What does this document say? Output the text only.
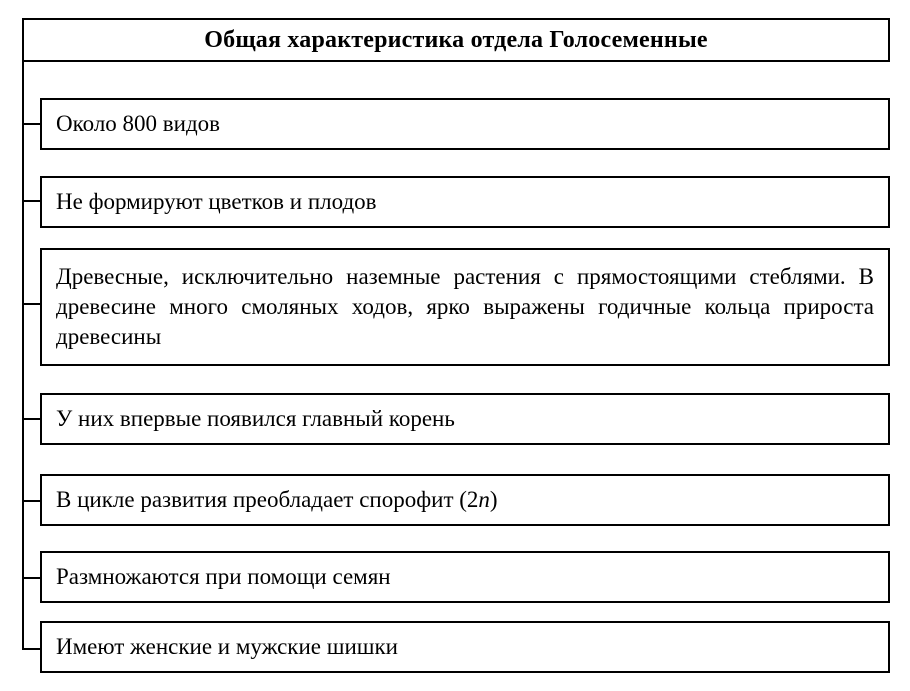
Общая характеристика отдела Голосеменные
Около 800 видов
Не формируют цветков и плодов
Древесные, исключительно наземные растения с прямостоящими стеблями. В древесине много смоляных ходов, ярко выражены годичные кольца прироста древесины
У них впервые появился главный корень
В цикле развития преобладает спорофит (2n)
Размножаются при помощи семян
Имеют женские и мужские шишки
